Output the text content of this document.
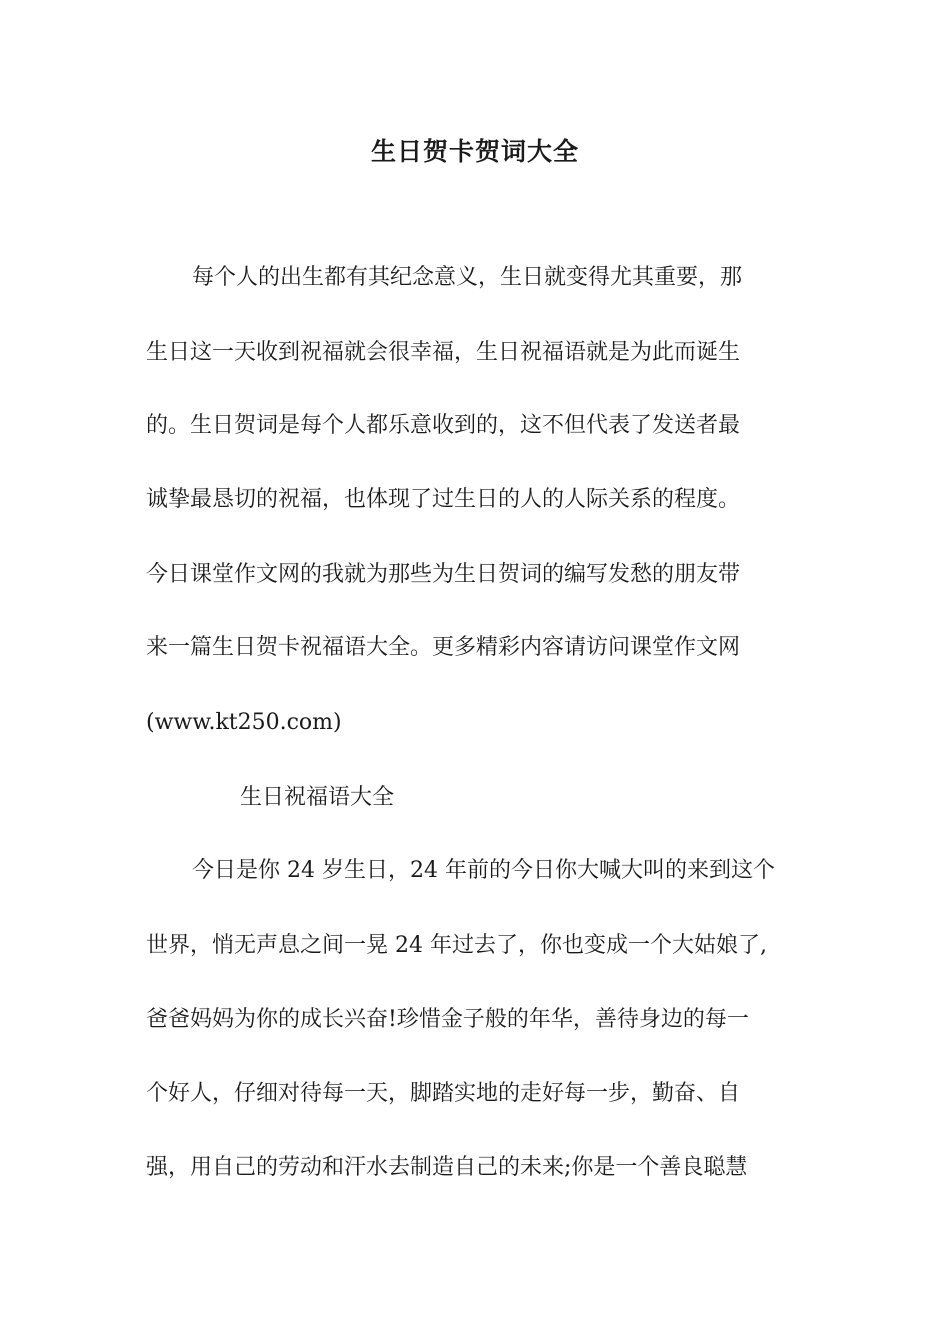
生日贺卡贺词大全
每个人的出生都有其纪念意义，生日就变得尤其重要，那
生日这一天收到祝福就会很幸福，生日祝福语就是为此而诞生
的。生日贺词是每个人都乐意收到的，这不但代表了发送者最
诚挚最恳切的祝福，也体现了过生日的人的人际关系的程度。
今日课堂作文网的我就为那些为生日贺词的编写发愁的朋友带
来一篇生日贺卡祝福语大全。更多精彩内容请访问课堂作文网
(www.kt250.com)
生日祝福语大全
今日是你 24 岁生日，24 年前的今日你大喊大叫的来到这个
世界，悄无声息之间一晃 24 年过去了，你也变成一个大姑娘了,
爸爸妈妈为你的成长兴奋!珍惜金子般的年华，善待身边的每一
个好人，仔细对待每一天，脚踏实地的走好每一步，勤奋、自
强，用自己的劳动和汗水去制造自己的未来;你是一个善良聪慧
